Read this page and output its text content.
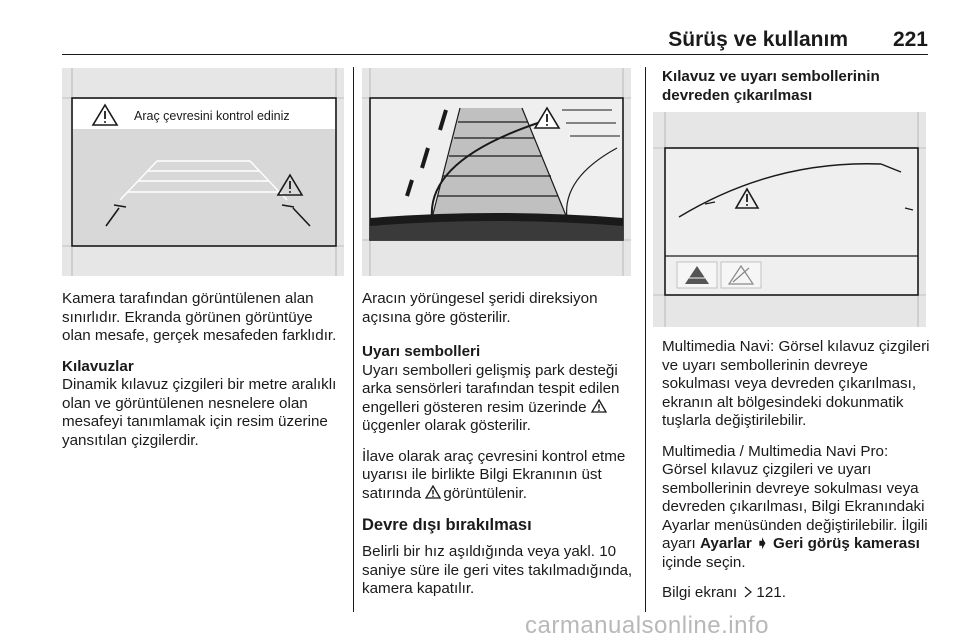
Sürüş ve kullanım 221
Araç çevresini kontrol ediniz

Kamera tarafından görüntülenen alan sınırlıdır. Ekranda görünen görüntüye olan mesafe, gerçek mesafeden farklıdır.

Kılavuzlar

Dinamik kılavuz çizgileri bir metre aralıklı olan ve görüntülenen nesnelere olan mesafeyi tanımlamak için resim üzerine yansıtılan çizgilerdir.

Aracın yörüngesel şeridi direksiyon açısına göre gösterilir.

Uyarı sembolleri

Uyarı sembolleri gelişmiş park desteği arka sensörleri tarafından tespit edilen engelleri gösteren resim üzerinde üçgenler olarak gösterilir.

İlave olarak araç çevresini kontrol etme uyarısı ile birlikte Bilgi Ekranının üst satırında görüntülenir.

Devre dışı bırakılması

Belirli bir hız aşıldığında veya yakl. 10 saniye süre ile geri vites takılmadığında, kamera kapatılır.

Kılavuz ve uyarı sembollerinin devreden çıkarılması

Multimedia Navi: Görsel kılavuz çizgileri ve uyarı sembollerinin devreye sokulması veya devreden çıkarılması, ekranın alt bölgesindeki dokunmatik tuşlarla değiştirilebilir.

Multimedia / Multimedia Navi Pro: Görsel kılavuz çizgileri ve uyarı sembollerinin devreye sokulması veya devreden çıkarılması, Bilgi Ekranındaki Ayarlar menüsünden değiştirilebilir. İlgili ayarı Ayarlar ➧ Geri görüş kamerası içinde seçin.

Bilgi ekranı 121.

carmanualsonline.info
